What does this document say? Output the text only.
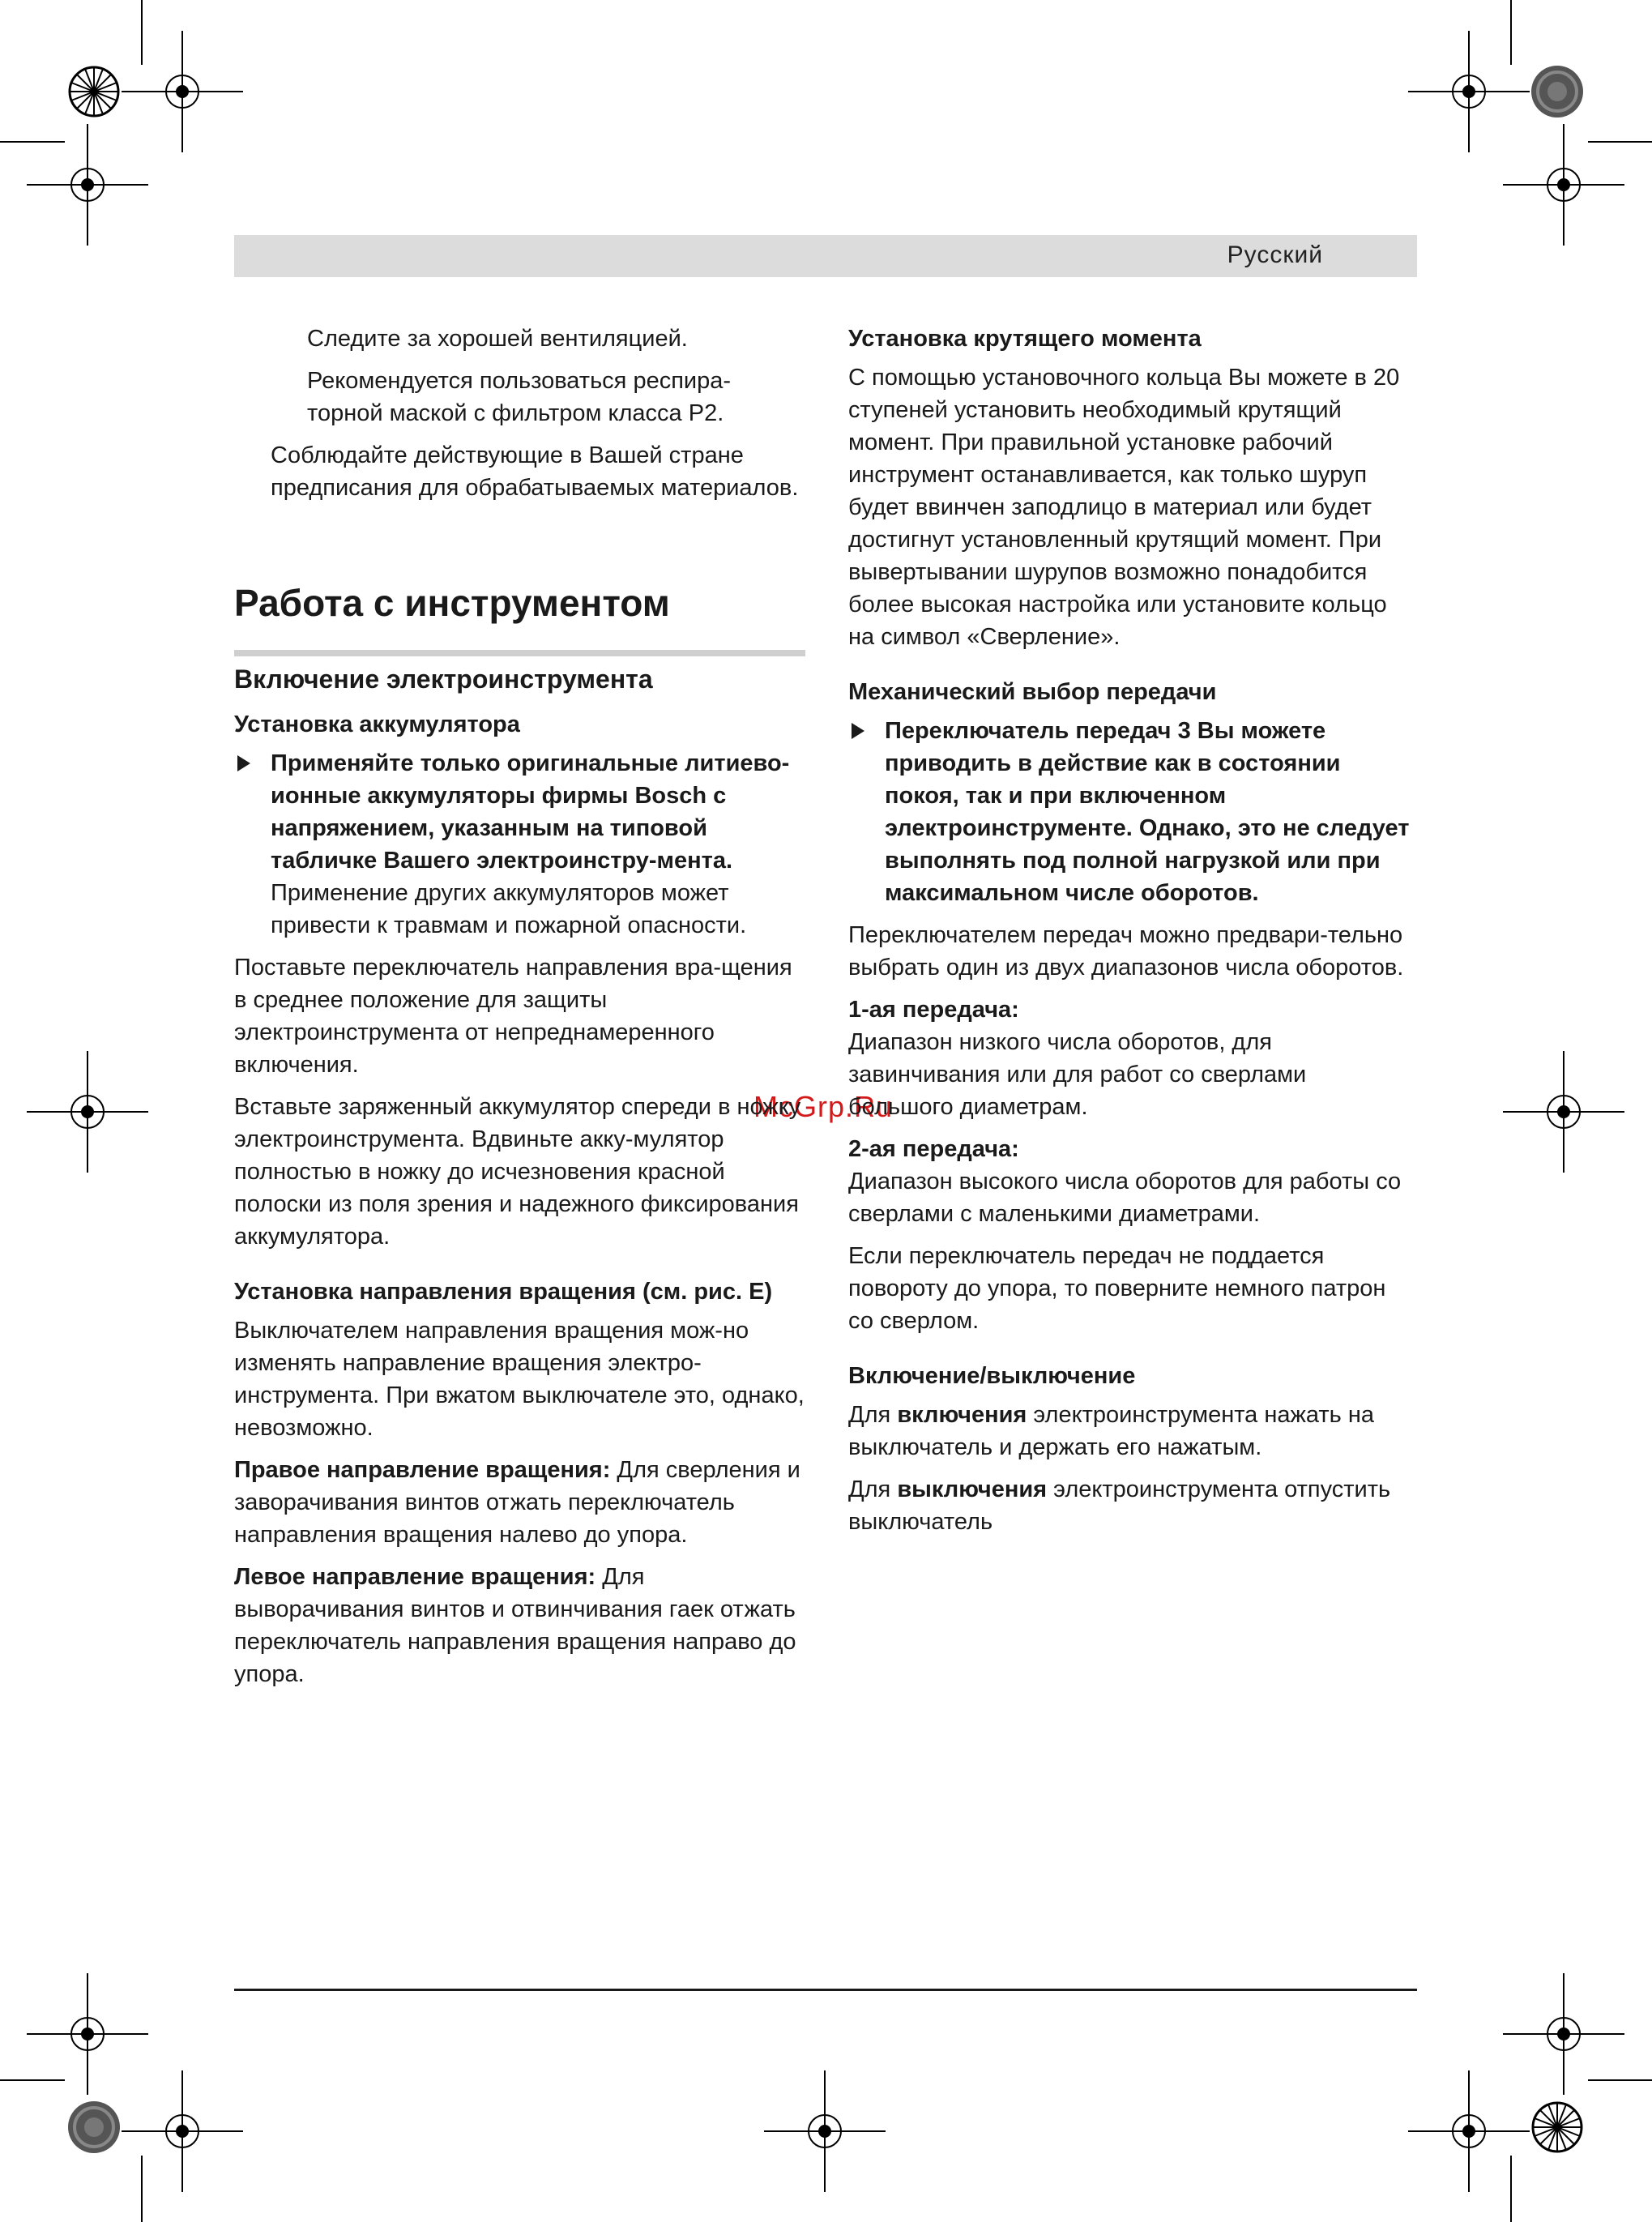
Русский
McGrp.Ru

Следите за хорошей вентиляцией.

Рекомендуется пользоваться респира-торной маской с фильтром класса P2.

Соблюдайте действующие в Вашей стране предписания для обрабатываемых материалов.

Работа с инструментом
Включение электроинструмента
Установка аккумулятора
Применяйте только оригинальные литиево-ионные аккумуляторы фирмы Bosch с напряжением, указанным на типовой табличке Вашего электроинстру-мента. Применение других аккумуляторов может привести к травмам и пожарной опасности.

Поставьте переключатель направления вра-щения в среднее положение для защиты электроинструмента от непреднамеренного включения.

Вставьте заряженный аккумулятор спереди в ножку электроинструмента. Вдвиньте акку-мулятор полностью в ножку до исчезновения красной полоски из поля зрения и надежного фиксирования аккумулятора.

Установка направления вращения (см. рис. E)

Выключателем направления вращения мож-но изменять направление вращения электро-инструмента. При вжатом выключателе это, однако, невозможно.

Правое направление вращения: Для сверления и заворачивания винтов отжать переключатель направления вращения налево до упора.

Левое направление вращения: Для выворачивания винтов и отвинчивания гаек отжать переключатель направления вращения направо до упора.

Установка крутящего момента

С помощью установочного кольца Вы можете в 20 ступеней установить необходимый крутящий момент. При правильной установке рабочий инструмент останавливается, как только шуруп будет ввинчен заподлицо в материал или будет достигнут установленный крутящий момент. При вывертывании шурупов возможно понадобится более высокая настройка или установите кольцо на символ «Сверление».

Механический выбор передачи
Переключатель передач 3 Вы можете приводить в действие как в состоянии покоя, так и при включенном электроинструменте. Однако, это не следует выполнять под полной нагрузкой или при максимальном числе оборотов.

Переключателем передач можно предвари-тельно выбрать один из двух диапазонов числа оборотов.

1-ая передача:

Диапазон низкого числа оборотов, для завинчивания или для работ со сверлами большого диаметрам.

2-ая передача:

Диапазон высокого числа оборотов для работы со сверлами с маленькими диаметрами.

Если переключатель передач не поддается повороту до упора, то поверните немного патрон со сверлом.

Включение/выключение

Для включения электроинструмента нажать на выключатель и держать его нажатым.

Для выключения электроинструмента отпустить выключатель
